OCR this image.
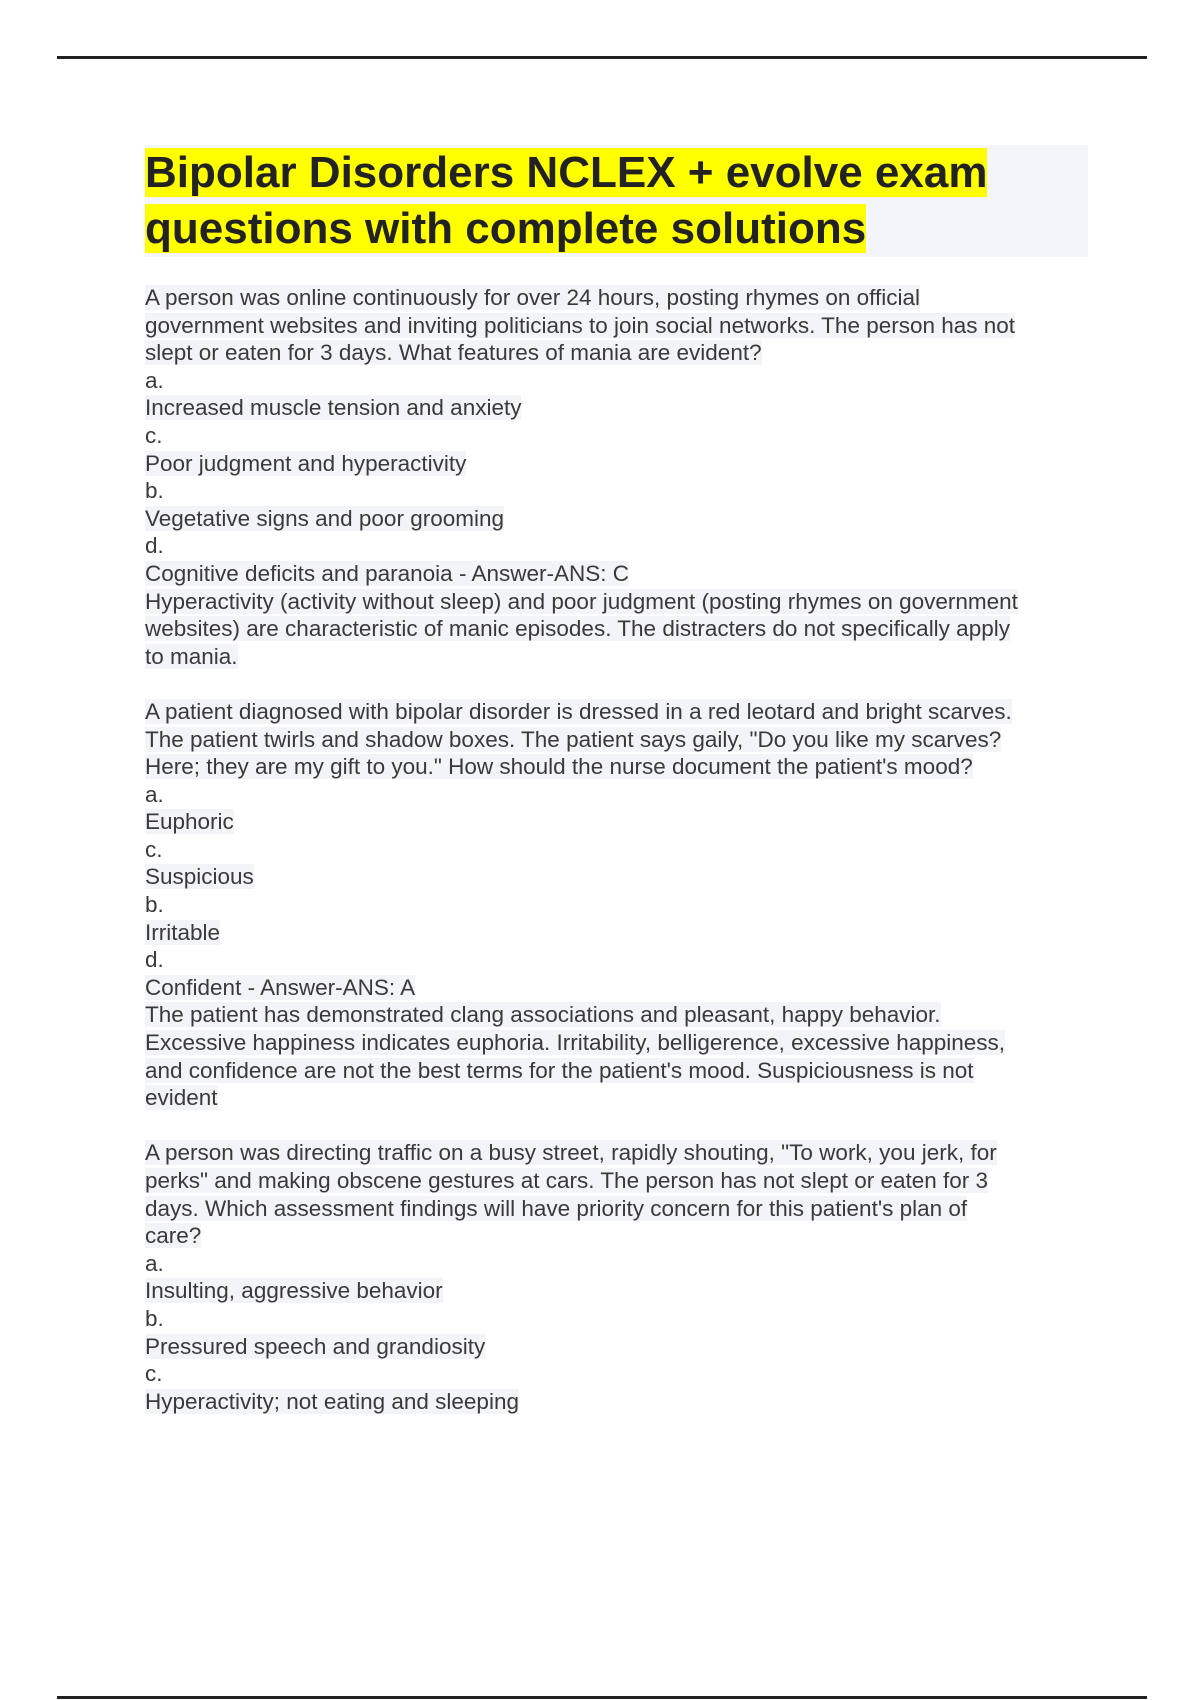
Bipolar Disorders NCLEX + evolve exam
questions with complete solutions
A person was online continuously for over 24 hours, posting rhymes on official
government websites and inviting politicians to join social networks. The person has not
slept or eaten for 3 days. What features of mania are evident?
a.
Increased muscle tension and anxiety
c.
Poor judgment and hyperactivity
b.
Vegetative signs and poor grooming
d.
Cognitive deficits and paranoia - Answer-ANS: C
Hyperactivity (activity without sleep) and poor judgment (posting rhymes on government
websites) are characteristic of manic episodes. The distracters do not specifically apply
to mania.
A patient diagnosed with bipolar disorder is dressed in a red leotard and bright scarves.
The patient twirls and shadow boxes. The patient says gaily, "Do you like my scarves?
Here; they are my gift to you." How should the nurse document the patient's mood?
a.
Euphoric
c.
Suspicious
b.
Irritable
d.
Confident - Answer-ANS: A
The patient has demonstrated clang associations and pleasant, happy behavior.
Excessive happiness indicates euphoria. Irritability, belligerence, excessive happiness,
and confidence are not the best terms for the patient's mood. Suspiciousness is not
evident
A person was directing traffic on a busy street, rapidly shouting, "To work, you jerk, for
perks" and making obscene gestures at cars. The person has not slept or eaten for 3
days. Which assessment findings will have priority concern for this patient's plan of
care?
a.
Insulting, aggressive behavior
b.
Pressured speech and grandiosity
c.
Hyperactivity; not eating and sleeping
